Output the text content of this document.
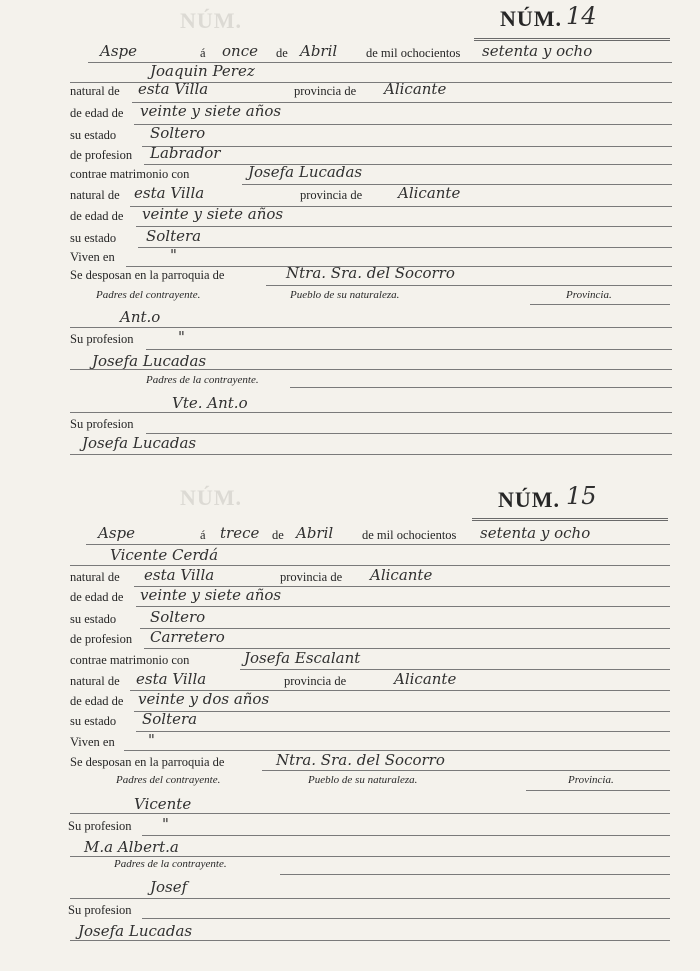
NÚM.
NÚM.
NÚM. 14
Aspe	á once de Abril de mil ochocientos setenta y ocho
Joaquin Perez
natural de esta Villa	provincia de Alicante
de edad de veinte y siete años
su estado Soltero
de profesion Labrador
contrae matrimonio con	Josefa Lucadas
natural de esta Villa	provincia de Alicante
de edad de veinte y siete años
su estado Soltera
Viven en	"
Se desposan en la parroquia de	Ntra. Sra. del Socorro
Padres del contrayente.	Pueblo de su naturaleza.	Provincia.
Ant.o
Su profesion	"
Josefa Lucadas
Padres de la contrayente.
Vte. Ant.o
Su profesion
Josefa Lucadas
NÚM. 15
Aspe	á trece de Abril de mil ochocientos setenta y ocho
Vicente Cerdá
natural de esta Villa	provincia de Alicante
de edad de veinte y siete años
su estado Soltero
de profesion Carretero
contrae matrimonio con	Josefa Escalant
natural de esta Villa	provincia de	Alicante
de edad de veinte y dos años
su estado Soltera
Viven en "
Se desposan en la parroquia de	Ntra. Sra. del Socorro
Padres del contrayente.	Pueblo de su naturaleza.	Provincia.
Vicente
Su profesion "
M.a Albert.a
Padres de la contrayente.
Josef
Su profesion
Josefa Lucadas
